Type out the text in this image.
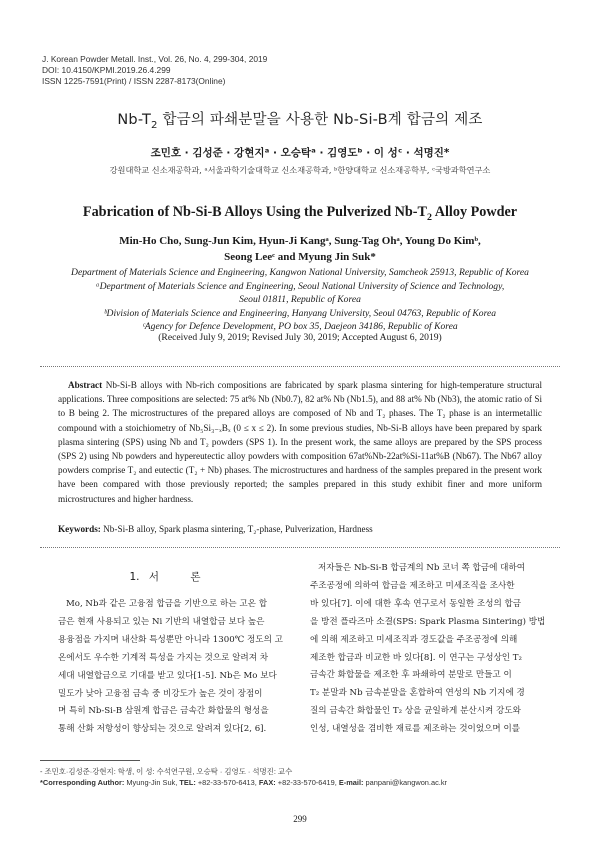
J. Korean Powder Metall. Inst., Vol. 26, No. 4, 299-304, 2019
DOI: 10.4150/KPMI.2019.26.4.299
ISSN 1225-7591(Print) / ISSN 2287-8173(Online)
$Nb-T_2$ 합금의 파쇄분말을 사용한 Nb-Si-B계 합금의 제조
조민호 · 김성준 · 강현지ᵃ · 오승탁ᵃ · 김영도ᵇ · 이 성ᶜ · 석명진*
강원대학교 신소재공학과, ᵃ서울과학기술대학교 신소재공학과, ᵇ한양대학교 신소재공학부, ᶜ국방과학연구소
Fabrication of Nb-Si-B Alloys Using the Pulverized $Nb-T_2$ Alloy Powder
Min-Ho Cho, Sung-Jun Kim, Hyun-Ji Kangᵃ, Sung-Tag Ohᵃ, Young Do Kimᵇ,
Seong Leeᶜ and Myung Jin Suk*
Department of Materials Science and Engineering, Kangwon National University, Samcheok 25913, Republic of Korea
ᵃDepartment of Materials Science and Engineering, Seoul National University of Science and Technology,
Seoul 01811, Republic of Korea
ᵇDivision of Materials Science and Engineering, Hanyang University, Seoul 04763, Republic of Korea
ᶜAgency for Defence Development, PO box 35, Daejeon 34186, Republic of Korea
(Received July 9, 2019; Revised July 30, 2019; Accepted August 6, 2019)
Abstract Nb-Si-B alloys with Nb-rich compositions are fabricated by spark plasma sintering for high-temperature structural applications. Three compositions are selected: 75 at% Nb (Nb0.7), 82 at% Nb (Nb1.5), and 88 at% Nb (Nb3), the atomic ratio of Si to B being 2. The microstructures of the prepared alloys are composed of Nb and T₂ phases. The T₂ phase is an intermetallic compound with a stoichiometry of Nb₅Si₃₋ₓBₓ (0 ≤ x ≤ 2). In some previous studies, Nb-Si-B alloys have been prepared by spark plasma sintering (SPS) using Nb and T₂ powders (SPS 1). In the present work, the same alloys are prepared by the SPS process (SPS 2) using Nb powders and hypereutectic alloy powders with composition 67at%Nb-22at%Si-11at%B (Nb67). The Nb67 alloy powders comprise T₂ and eutectic (T₂ + Nb) phases. The microstructures and hardness of the samples prepared in the present work have been compared with those previously reported; the samples prepared in this study exhibit finer and more uniform microstructures and higher hardness.
Keywords: Nb-Si-B alloy, Spark plasma sintering, T₂-phase, Pulverization, Hardness
1. 서 론
Mo, Nb과 같은 고융점 합금을 기반으로 하는 고온 합
금은 현재 사용되고 있는 Ni 기반의 내열합금 보다 높은
용융점을 가지며 내산화 특성뿐만 아니라 1300℃ 정도의 고
온에서도 우수한 기계적 특성을 가지는 것으로 알려져 차
세대 내열합금으로 기대를 받고 있다[1-5]. Nb은 Mo 보다
밀도가 낮아 고융점 금속 중 비강도가 높은 것이 장점이
며 특히 Nb-Si-B 삼원계 합금은 금속간 화합물의 형성을
통해 산화 저항성이 향상되는 것으로 알려져 있다[2, 6].
저자들은 Nb-Si-B 합금계의 Nb 코너 쪽 합금에 대하여
주조공정에 의하여 합금을 제조하고 미세조직을 조사한
바 있다[7]. 이에 대한 후속 연구로서 동일한 조성의 합금
을 방전 플라즈마 소결(SPS: Spark Plasma Sintering) 방법
에 의해 제조하고 미세조직과 경도값을 주조공정에 의해
제조한 합금과 비교한 바 있다[8]. 이 연구는 구성상인 T₂
금속간 화합물을 제조한 후 파쇄하여 분말로 만들고 이
T₂ 분말과 Nb 금속분말을 혼합하여 연성의 Nb 기지에 경
질의 금속간 화합물인 T₂ 상을 균일하게 분산시켜 강도와
인성, 내열성을 겸비한 재료를 제조하는 것이었으며 이를
- 조민호·김성준·강현지: 학생, 이 성: 수석연구원, 오승탁 · 김영도 · 석명진: 교수
*Corresponding Author: Myung-Jin Suk, TEL: +82-33-570-6413, FAX: +82-33-570-6419, E-mail: panpani@kangwon.ac.kr
299
